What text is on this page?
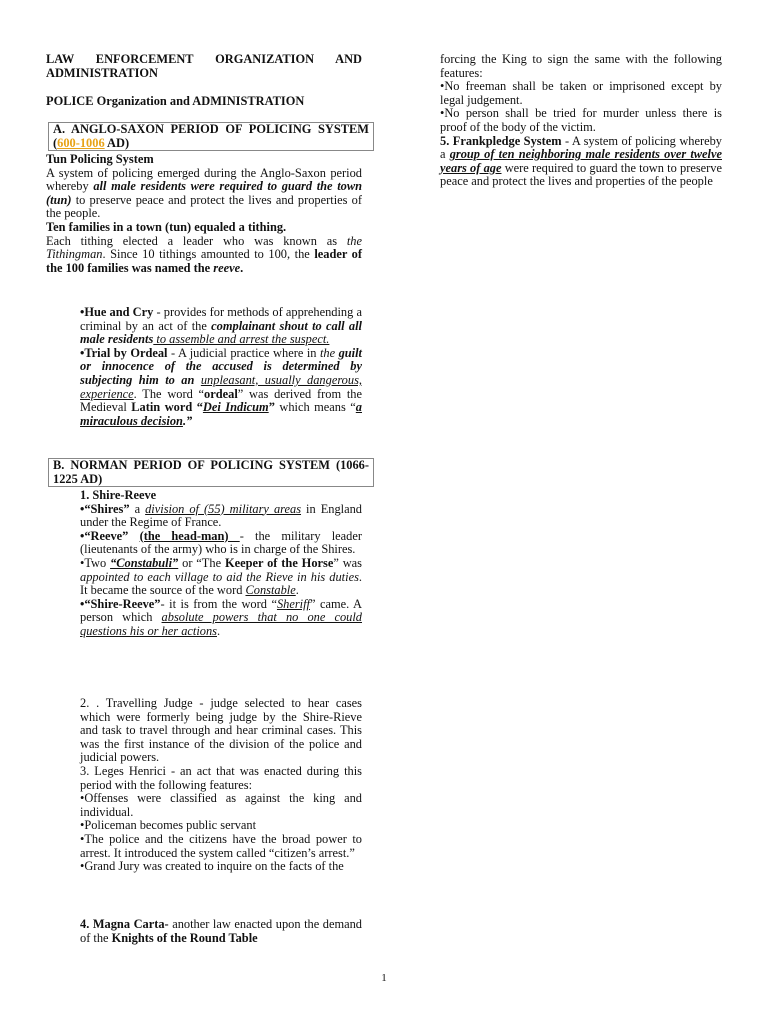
LAW ENFORCEMENT ORGANIZATION AND ADMINISTRATION

POLICE Organization and ADMINISTRATION

A. ANGLO-SAXON PERIOD OF POLICING SYSTEM (600-1006 AD)

Tun Policing System

A system of policing emerged during the Anglo-Saxon period whereby all male residents were required to guard the town (tun) to preserve peace and protect the lives and properties of the people.

Ten families in a town (tun) equaled a tithing.

Each tithing elected a leader who was known as the Tithingman. Since 10 tithings amounted to 100, the leader of the 100 families was named the reeve.

•Hue and Cry - provides for methods of apprehending a criminal by an act of the complainant shout to call all male residents to assemble and arrest the suspect.

•Trial by Ordeal - A judicial practice where in the guilt or innocence of the accused is determined by subjecting him to an unpleasant, usually dangerous, experience. The word “ordeal” was derived from the Medieval Latin word “Dei Indicum” which means “a miraculous decision.”

B. NORMAN PERIOD OF POLICING SYSTEM (1066-1225 AD)

1. Shire-Reeve

•“Shires” a division of (55) military areas in England under the Regime of France.

•“Reeve” (the head-man) - the military leader (lieutenants of the army) who is in charge of the Shires.

•Two “Constabuli” or “The Keeper of the Horse” was appointed to each village to aid the Rieve in his duties. It became the source of the word Constable.

•“Shire-Reeve”- it is from the word “Sheriff” came. A person which absolute powers that no one could questions his or her actions.

2. . Travelling Judge - judge selected to hear cases which were formerly being judge by the Shire-Rieve and task to travel through and hear criminal cases. This was the first instance of the division of the police and judicial powers.

3. Leges Henrici - an act that was enacted during this period with the following features:

•Offenses were classified as against the king and individual.

•Policeman becomes public servant

•The police and the citizens have the broad power to arrest. It introduced the system called “citizen’s arrest.”

•Grand Jury was created to inquire on the facts of the

4. Magna Carta- another law enacted upon the demand of the Knights of the Round Table

forcing the King to sign the same with the following features:

•No freeman shall be taken or imprisoned except by legal judgement.

•No person shall be tried for murder unless there is proof of the body of the victim.

5. Frankpledge System - A system of policing whereby a group of ten neighboring male residents over twelve years of age were required to guard the town to preserve peace and protect the lives and properties of the people

1
